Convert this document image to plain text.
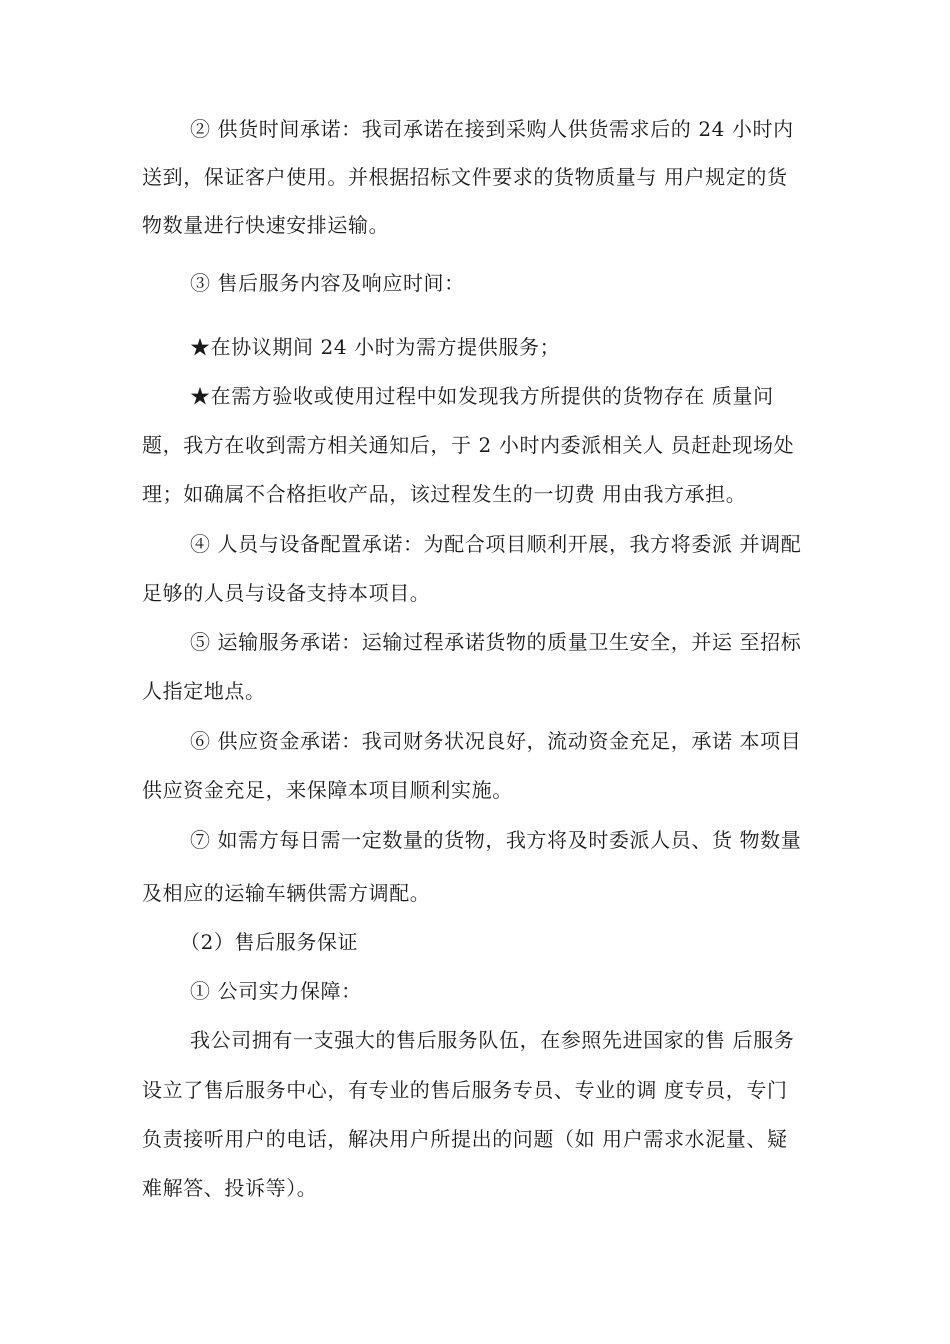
② 供货时间承诺：我司承诺在接到采购人供货需求后的 24 小时内
送到，保证客户使用。并根据招标文件要求的货物质量与 用户规定的货
物数量进行快速安排运输。
③ 售后服务内容及响应时间：
★在协议期间 24 小时为需方提供服务；
★在需方验收或使用过程中如发现我方所提供的货物存在 质量问
题，我方在收到需方相关通知后，于 2 小时内委派相关人 员赶赴现场处
理；如确属不合格拒收产品，该过程发生的一切费 用由我方承担。
④ 人员与设备配置承诺：为配合项目顺利开展，我方将委派 并调配
足够的人员与设备支持本项目。
⑤ 运输服务承诺：运输过程承诺货物的质量卫生安全，并运 至招标
人指定地点。
⑥ 供应资金承诺：我司财务状况良好，流动资金充足，承诺 本项目
供应资金充足，来保障本项目顺利实施。
⑦ 如需方每日需一定数量的货物，我方将及时委派人员、货 物数量
及相应的运输车辆供需方调配。
（2）售后服务保证
① 公司实力保障：
我公司拥有一支强大的售后服务队伍，在参照先进国家的售 后服务
设立了售后服务中心，有专业的售后服务专员、专业的调 度专员，专门
负责接听用户的电话，解决用户所提出的问题（如 用户需求水泥量、疑
难解答、投诉等）。
